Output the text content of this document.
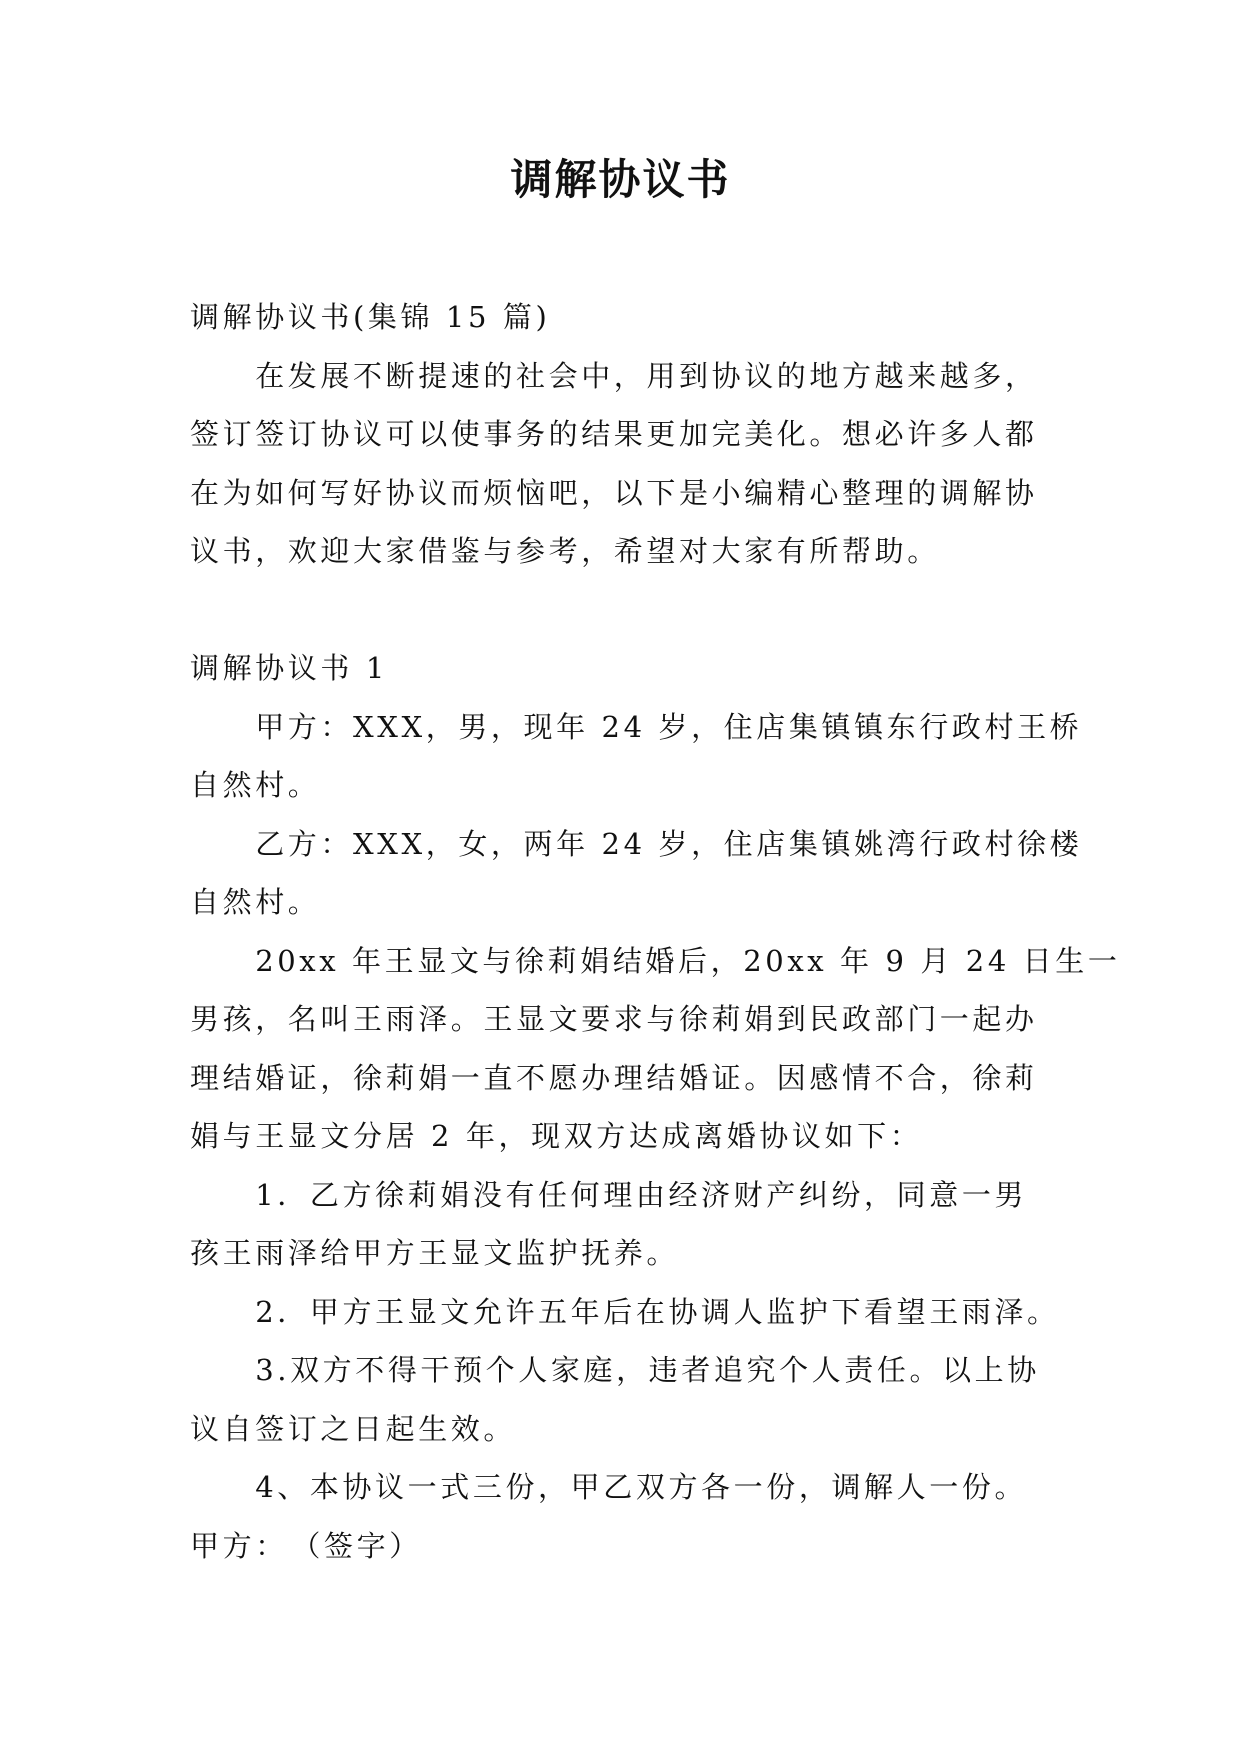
调解协议书

调解协议书(集锦 15 篇)

　　在发展不断提速的社会中，用到协议的地方越来越多，

签订签订协议可以使事务的结果更加完美化。想必许多人都

在为如何写好协议而烦恼吧，以下是小编精心整理的调解协

议书，欢迎大家借鉴与参考，希望对大家有所帮助。

调解协议书 1

　　甲方：XXX，男，现年 24 岁，住店集镇镇东行政村王桥

自然村。

　　乙方：XXX，女，两年 24 岁，住店集镇姚湾行政村徐楼

自然村。

　　20xx 年王显文与徐莉娟结婚后，20xx 年 9 月 24 日生一

男孩，名叫王雨泽。王显文要求与徐莉娟到民政部门一起办

理结婚证，徐莉娟一直不愿办理结婚证。因感情不合，徐莉

娟与王显文分居 2 年，现双方达成离婚协议如下：

　　1．乙方徐莉娟没有任何理由经济财产纠纷，同意一男

孩王雨泽给甲方王显文监护抚养。

　　2．甲方王显文允许五年后在协调人监护下看望王雨泽。

　　3.双方不得干预个人家庭，违者追究个人责任。以上协

议自签订之日起生效。

　　4、本协议一式三份，甲乙双方各一份，调解人一份。

甲方：　（签字）
